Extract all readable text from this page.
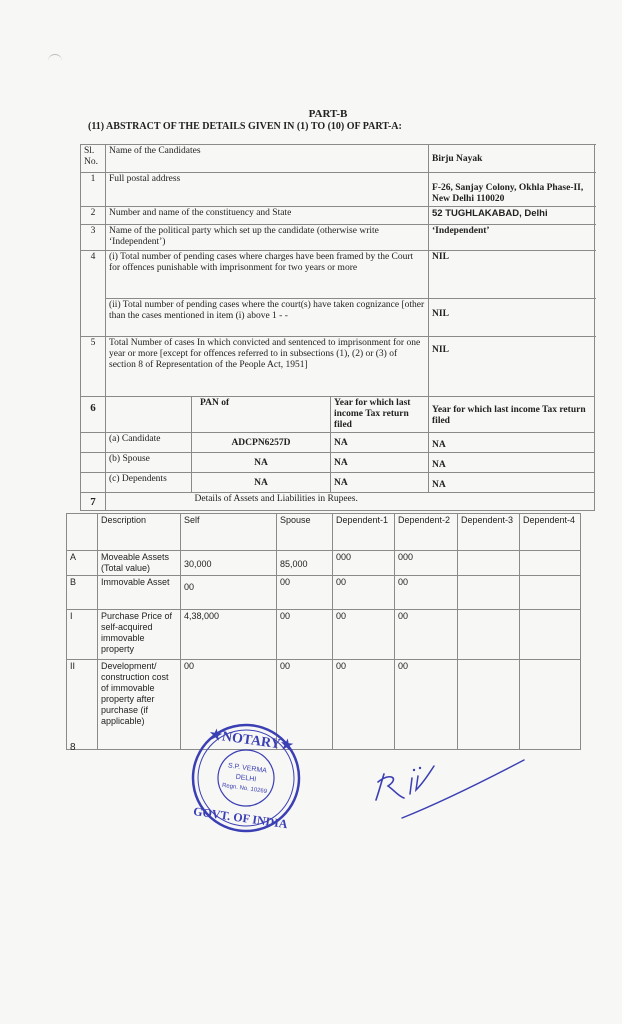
PART-B
(11) ABSTRACT OF THE DETAILS GIVEN IN (1) TO (10) OF PART-A:
Sl. No.	Name of the Candidates			Birju Nayak
1	Full postal address			F-26, Sanjay Colony, Okhla Phase-II, New Delhi 110020
2	Number and name of the constituency and State			52 TUGHLAKABAD, Delhi
3	Name of the political party which set up the candidate (otherwise write ‘Independent’)			‘Independent’
4	(i) Total number of pending cases where charges have been framed by the Court for offences punishable with imprisonment for two years or more			NIL
	(ii) Total number of pending cases where the court(s) have taken cognizance [other than the cases mentioned in item (i) above 1 - -			NIL
5	Total Number of cases In which convicted and sentenced to imprisonment for one year or more [except for offences referred to in subsections (1), (2) or (3) of section 8 of Representation of the People Act, 1951]			NIL
6		PAN of	Year for which last income Tax return filed	Year for which last income Tax return filed
	(a) Candidate	ADCPN6257D	NA	NA
	(b) Spouse	NA	NA	NA
	(c) Dependents	NA	NA	NA
7		Details of Assets and Liabilities in Rupees.		
	Description	Self	Spouse	Dependent-1	Dependent-2	Dependent-3	Dependent-4
A	Moveable Assets (Total value)	30,000	85,000	000	000		
B	Immovable Asset	00	00	00	00		
I	Purchase Price of self-acquired immovable property	4,38,000	00	00	00		
II	Development/ construction cost of immovable property after purchase (if applicable)	00	00	00	00		
8	★NOTARY★
GOVT. OF INDIA
S.P. VERMA
DELHI
Regn. No. 10269
